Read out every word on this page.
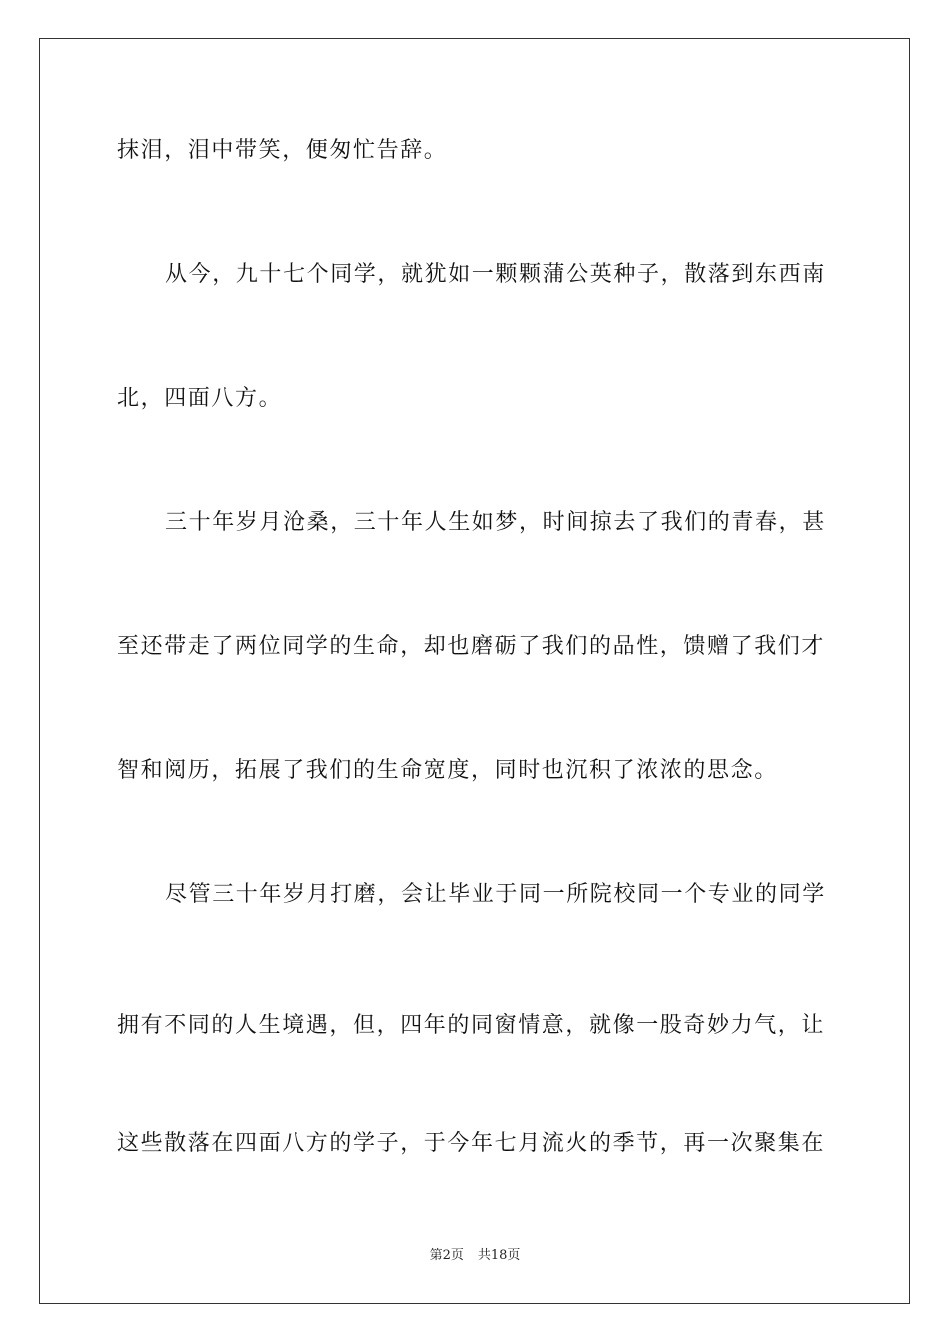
抹泪，泪中带笑，便匆忙告辞。
从今，九十七个同学，就犹如一颗颗蒲公英种子，散落到东西南
北，四面八方。
三十年岁月沧桑，三十年人生如梦，时间掠去了我们的青春，甚
至还带走了两位同学的生命，却也磨砺了我们的品性，馈赠了我们才
智和阅历，拓展了我们的生命宽度，同时也沉积了浓浓的思念。
尽管三十年岁月打磨，会让毕业于同一所院校同一个专业的同学
拥有不同的人生境遇，但，四年的同窗情意，就像一股奇妙力气，让
这些散落在四面八方的学子，于今年七月流火的季节，再一次聚集在
第2页 共18页
